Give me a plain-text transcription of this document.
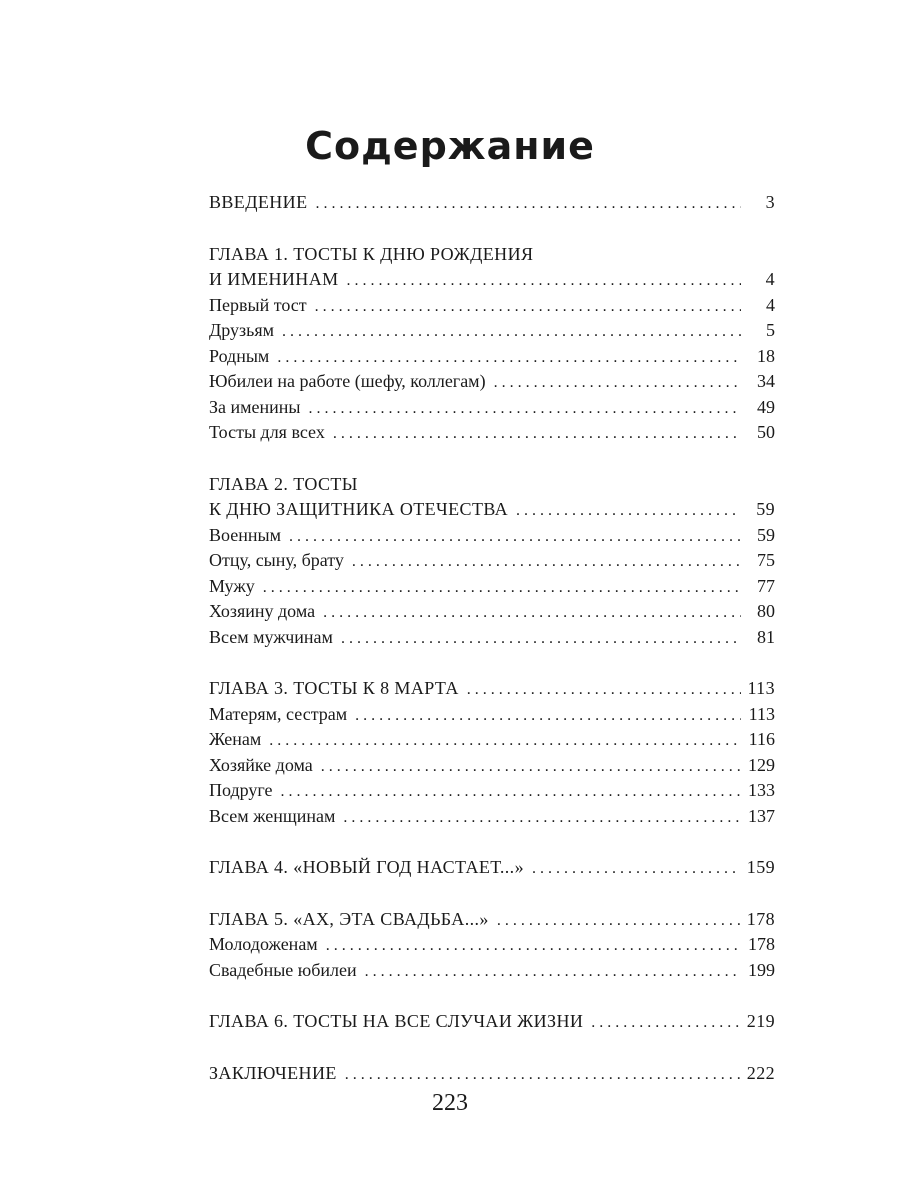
Содержание
ВВЕДЕНИЕ . . .	3
ГЛАВА 1. ТОСТЫ К ДНЮ РОЖДЕНИЯ
И ИМЕНИНАМ . . .	4
Первый тост . . .	4
Друзьям . . .	5
Родным . . .	18
Юбилеи на работе (шефу, коллегам) . . .	34
За именины . . .	49
Тосты для всех . . .	50
ГЛАВА 2. ТОСТЫ
К ДНЮ ЗАЩИТНИКА ОТЕЧЕСТВА . . .	59
Военным . . .	59
Отцу, сыну, брату . . .	75
Мужу . . .	77
Хозяину дома . . .	80
Всем мужчинам . . .	81
ГЛАВА 3. ТОСТЫ К 8 МАРТА . . .	113
Матерям, сестрам . . .	113
Женам . . .	116
Хозяйке дома . . .	129
Подруге . . .	133
Всем женщинам . . .	137
ГЛАВА 4. «НОВЫЙ ГОД НАСТАЕТ...» . . .	159
ГЛАВА 5. «АХ, ЭТА СВАДЬБА...» . . .	178
Молодоженам . . .	178
Свадебные юбилеи . . .	199
ГЛАВА 6. ТОСТЫ НА ВСЕ СЛУЧАИ ЖИЗНИ . . .	219
ЗАКЛЮЧЕНИЕ . . .	222
223
